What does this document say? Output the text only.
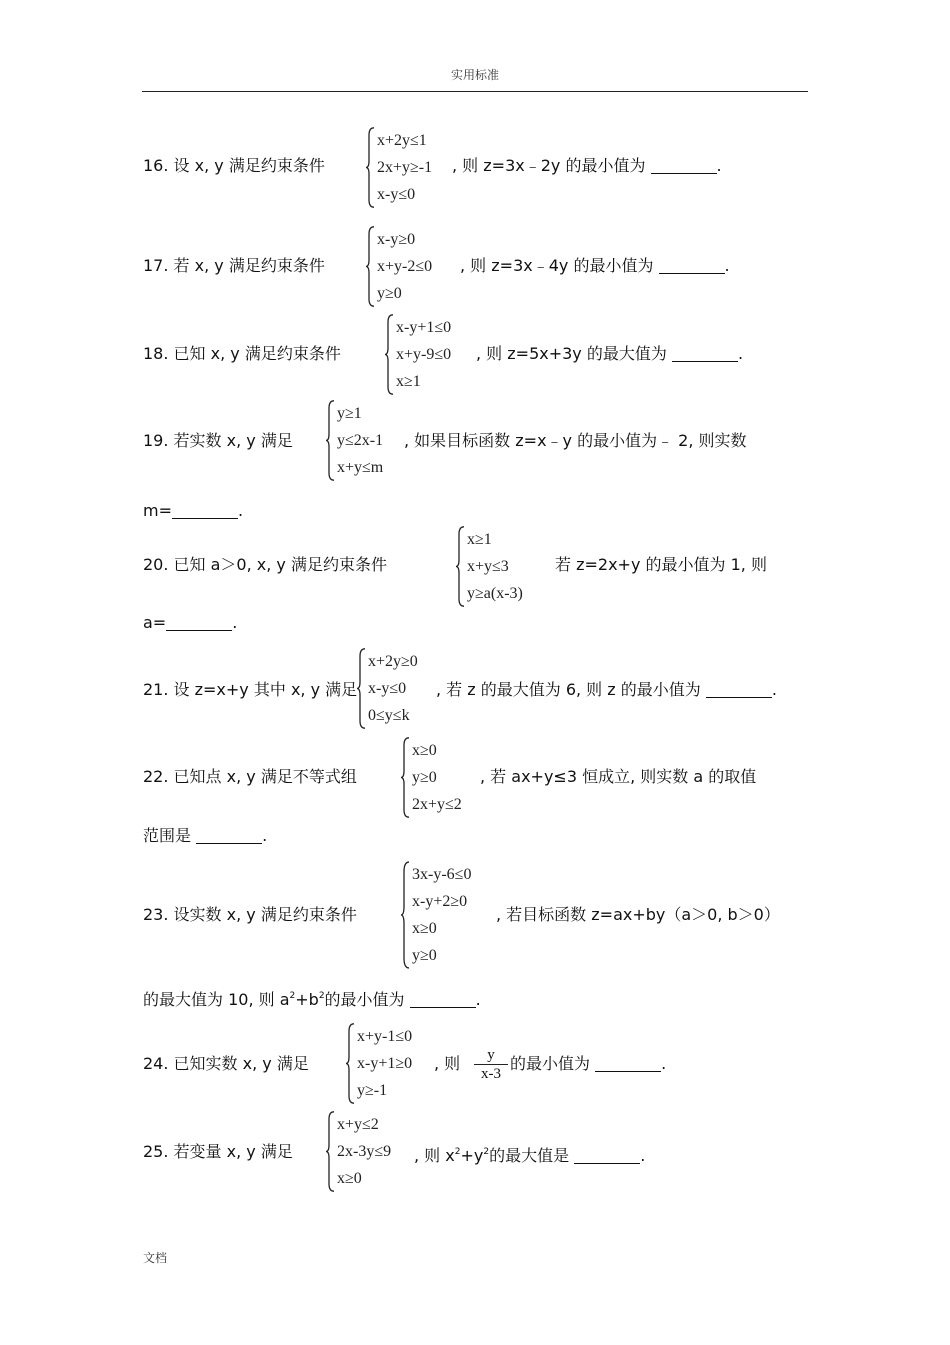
实用标准
x+2y≤1
2x+y≥-1
x-y≤0
16. 设 x, y 满足约束条件	, 则 z=3x﹣2y 的最小值为	.
x-y≥0
x+y-2≤0
y≥0
17. 若 x, y 满足约束条件	, 则 z=3x﹣4y 的最小值为	.
x-y+1≤0
x+y-9≤0
x≥1
18. 已知 x, y 满足约束条件	, 则 z=5x+3y 的最大值为	.
y≥1
y≤2x-1
x+y≤m
19. 若实数 x, y 满足	, 如果目标函数 z=x﹣y 的最小值为﹣ 2, 则实数
m=	.
x≥1
x+y≤3
y≥a(x-3)
20. 已知 a＞0, x, y 满足约束条件	若 z=2x+y 的最小值为 1, 则
a=	.
x+2y≥0
x-y≤0
0≤y≤k
21. 设 z=x+y 其中 x, y 满足	, 若 z 的最大值为 6, 则 z 的最小值为	.
x≥0
y≥0
2x+y≤2
22. 已知点 x, y 满足不等式组	, 若 ax+y≤3 恒成立, 则实数 a 的取值
范围是	.
3x-y-6≤0
x-y+2≥0
x≥0
y≥0
23. 设实数 x, y 满足约束条件	, 若目标函数 z=ax+by（a＞0, b＞0）
的最大值为 10, 则 $a^2+b^2$的最小值为	.
x+y-1≤0
x-y+1≥0
y≥-1
24. 已知实数 x, y 满足	, 则 $\frac{y}{x-3}$ 的最小值为	.
x+y≤2
2x-3y≤9
x≥0
25. 若变量 x, y 满足	, 则 $x^2+y^2$的最大值是	.
文档
